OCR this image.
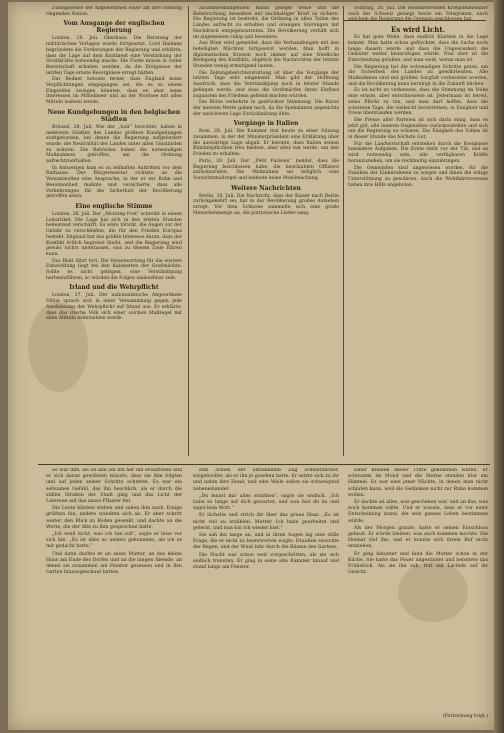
Zwangsweise der Allgemeinheit einer um ihre Stellung ringenden Nation.

Vom Ausgange der englischen Regierung

London, 28. Juli. Oberhaus. Die Beratung der militärischen Vorlagen wurde fortgesetzt. Lord Haldane begründete die Forderungen der Regierung und erklärte, dass die Lage auf dem Kontinent eine Verstärkung der Streitkräfte notwendig mache. Die Flotte müsse in voller Bereitschaft erhalten werden, da die Ereignisse der letzten Tage ernste Besorgnisse erregt hätten.

Der Redner betonte ferner, dass England keine Verpflichtungen eingegangen sei, die es zu einem Eingreifen zwingen könnten, dass es aber seine Interessen im Mittelmeer und an der Nordsee mit allen Mitteln wahren werde.

Neue Kundgebungen in den belgischen Städten

Brüssel, 28. Juli. Wie der „Soir“ berichtet, haben in mehreren Städten des Landes größere Kundgebungen stattgefunden, bei denen die Regierung aufgefordert wurde, die Neutralität des Landes unter allen Umständen zu wahren. Die Behörden haben die notwendigen Maßnahmen getroffen, um die Ordnung aufrechtzuerhalten.

In Antwerpen kam es zu lebhaften Auftritten vor dem Rathause. Der Bürgermeister richtete an die Versammelten eine Ansprache, in der er zur Ruhe und Besonnenheit mahnte und versicherte, dass alle Vorkehrungen für die Sicherheit der Bevölkerung getroffen seien.

Eine englische Stimme

London, 28. Juli. Der „Morning Post“ schreibt in einem Leitartikel: Die Lage hat sich in den letzten Stunden bedeutend verschärft. Es wäre töricht, die Augen vor der Gefahr zu verschließen, die für den Frieden Europas besteht. England hat das größte Interesse daran, dass der Konflikt örtlich begrenzt bleibt, und die Regierung wird gewiss nichts unterlassen, was zu diesem Ziele führen kann.

Das Blatt fährt fort: Die Verantwortung für die weitere Entwicklung liegt bei den Kabinetten der Großmächte. Sollte es nicht gelingen, eine Verständigung herbeizuführen, so würden die Folgen unabsehbar sein.

Irland und die Wehrpflicht

London, 27. Juli. Der nationalistische Abgeordnete Dillon sprach sich in einer Versammlung gegen jede Ausdehnung der Wehrpflicht auf Irland aus. Er erklärte, dass das irische Volk sich einer solchen Maßregel mit allen Mitteln widersetzen werde.

zusammenhängenden Raum gelegte weise und die Beherrschung desselben mit nachhaltiger Kraft zu sichern. Die Regierung ist bestrebt, die Ordnung in allen Teilen des Landes aufrecht zu erhalten und etwaigen Störungen mit Nachdruck entgegenzutreten. Die Bevölkerung verhält sich im allgemeinen ruhig und besonnen.

Aus Wien wird gemeldet, dass die Verhandlungen mit den beteiligten Mächten fortgesetzt werden. Man hofft in diplomatischen Kreisen noch immer auf eine friedliche Beilegung des Konflikts, obgleich die Nachrichten der letzten Stunden wenig ermutigend lauten.

Die Zeitungsberichterstattung ist über die Vorgänge der letzten Tage sehr eingehend. Man gibt der Hoffnung Ausdruck, dass die Verständigung noch in letzter Stunde gelingen werde, und dass die Großmächte ihren Einfluss zugunsten des Friedens geltend machen würden.

Die Börse verkehrte in gedrückter Stimmung. Die Kurse der meisten Werte gaben nach, da die Spekulation angesichts der unsicheren Lage Zurückhaltung übte.

Vorgänge in Italien

Rom, 28. Juli. Die Kammer trat heute zu einer Sitzung zusammen, in der der Ministerpräsident eine Erklärung über die auswärtige Lage abgab. Er betonte, dass Italien seinen Bündnispflichten treu bleiben, aber alles tun werde, um den Frieden zu erhalten.

Paris, 28. Juli. Der „Petit Parisien“ meldet, dass die Regierung beschlossen habe, die beurlaubten Offiziere zurückzurufen. Die Maßnahme sei lediglich eine Vorsichtsmaßregel und bedeute keine Mobilmachung.

Weitere Nachrichten

Berlin, 28. Juli. Die Nachricht, dass der Kaiser nach Berlin zurückgekehrt sei, hat in der Bevölkerung großes Aufsehen erregt. Vor dem Schlosse sammelte sich eine große Menschenmenge an, die patriotische Lieder sang.

Sonntag, 28. Juli. Die Heimkehrenden Kriegsteilnehmer nach der Schweiz gelangt heute ein Telegramm, nach welchem die Regierung die Grenzen geschlossen hat.

Es wird Licht.

Es hat gute Weile, dass endlich Klarheit in die Lage kommt. Man hatte schon gefürchtet, dass die Sache noch lange dauern werde und dass die Ungewissheit die Gemüter weiter beunruhigen würde. Nun aber ist die Entscheidung gefallen, und man weiß, woran man ist.

Die Regierung hat die notwendigen Schritte getan, um die Sicherheit des Landes zu gewährleisten. Alle Maßnahmen sind mit größter Sorgfalt vorbereitet worden, und die Bevölkerung kann beruhigt in die Zukunft blicken.

Es ist nicht zu verkennen, dass die Stimmung im Volke eine ernste, aber entschlossene ist. Jedermann ist bereit, seine Pflicht zu tun, und man darf hoffen, dass die schweren Tage, die vielleicht bevorstehen, in Einigkeit und Treue überstanden werden.

Die Presse aller Parteien ist sich darin einig, dass es jetzt gilt, alle inneren Gegensätze zurückzustellen und sich um die Regierung zu scharen. Die Einigkeit des Volkes ist in dieser Stunde das höchste Gut.

Für die Landwirtschaft entstehen durch die Ereignisse besondere Aufgaben. Die Ernte steht vor der Tür, und es wird notwendig sein, alle verfügbaren Kräfte heranzuziehen, um sie rechtzeitig einzubringen.

Die Gemeinden sind angewiesen worden, für die Familien der Einberufenen zu sorgen und ihnen die nötige Unterstützung zu gewähren. Auch die Wohlfahrtsvereine haben ihre Hilfe angeboten.

So war ihm, als ob alle um ihn her ihn erwarteten und er sich daran gewöhnen müsste, dass sie ihm folgten und auf jeden seiner Schritte achteten. Es war ein seltsames Gefühl, das ihn beschlich, als er durch die stillen Straßen der Stadt ging und das Licht der Laternen auf das nasse Pflaster fiel.

Die Leute blieben stehen und sahen ihm nach. Einige grüßten ihn, andere wandten sich ab. Er aber schritt weiter, den Blick zu Boden gesenkt, und dachte an die Worte, die der Alte zu ihm gesprochen hatte.

„Ich weiß nicht, was ich tun soll“, sagte er leise vor sich hin. „Es ist alles so anders gekommen, als ich es mir gedacht hatte.“

Und dann dachte er an seine Mutter, an das kleine Haus am Ende des Dorfes und an die langen Abende, an denen sie zusammen am Fenster gesessen und in den Garten hinausgeschaut hatten.

Ihm schien der altbekannte Zug schmerzlicher, sorgenvoller, als er ihn je gesehen hatte. Er setzte sich zu ihr und nahm ihre Hand, und eine Weile saßen sie schweigend nebeneinander.

„Du musst mir alles erzählen“, sagte sie endlich. „Ich habe so lange auf dich gewartet, und nun bist du da und sagst kein Wort.“

Er lächelte und strich ihr über das graue Haar. „Es ist nicht viel zu erzählen, Mutter. Ich habe gearbeitet und gelernt, und nun bin ich wieder hier.“

Sie sah ihn lange an, und in ihren Augen lag eine stille Frage, die er nicht zu beantworten wagte. Draußen rauschte der Regen, und der Wind fuhr durch die Bäume des Gartens.

Die Nacht war schon weit vorgeschritten, als sie sich endlich trennten. Er ging in seine alte Kammer hinauf und stand lange am Fenster.

Einer Kleinen dieser Tritte gekommen waren. Er schwamm im Mond und die Sterne standen klar am Himmel. Es war eine jener Nächte, in denen man nicht schlafen kann, weil die Gedanken nicht zur Ruhe kommen wollen.

Er dachte an alles, was geschehen war, und an das, was noch kommen sollte. Und er wusste, dass er vor einer Entscheidung stand, die sein ganzes Leben bestimmen würde.

Als der Morgen graute, hatte er seinen Entschluss gefasst. Er würde bleiben, was auch kommen mochte. Die Heimat rief ihn, und er konnte sich ihrem Ruf nicht entziehen.

Er ging hinunter und fand die Mutter schon in der Küche. Sie hatte das Feuer angezündet und bereitete das Frühstück. Als sie ihn sah, trat ein Lächeln auf ihr Gesicht.

(Fortsetzung folgt.)
